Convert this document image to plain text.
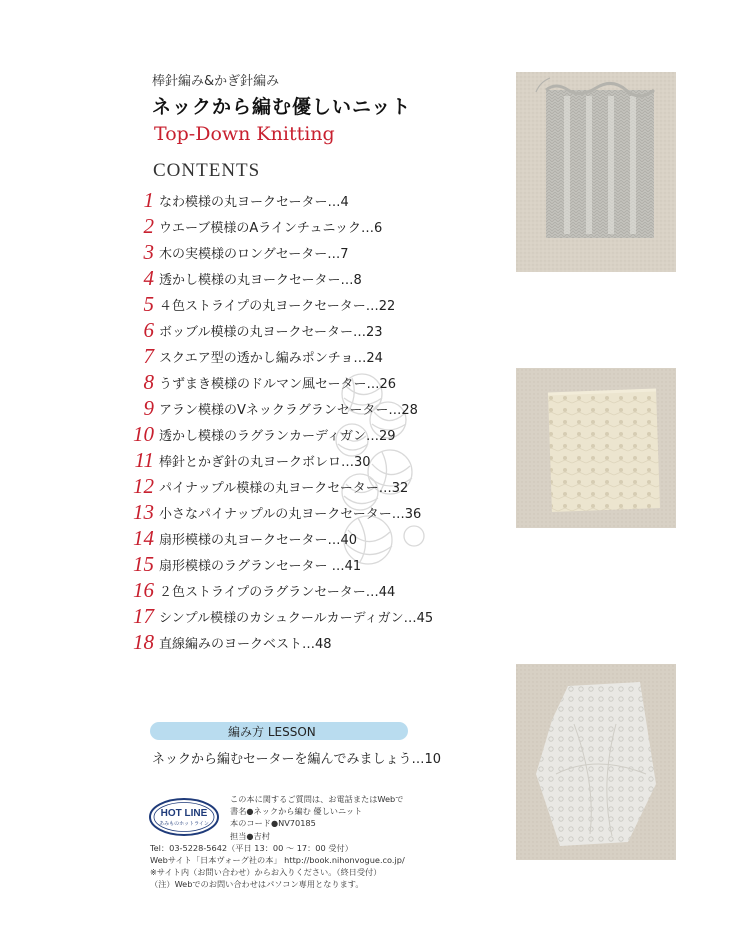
棒針編み&かぎ針編み

ネックから編む優しいニット

Top-Down Knitting

CONTENTS
1 なわ模様の丸ヨークセーター…4
2 ウエーブ模様のAラインチュニック…6
3 木の実模様のロングセーター…7
4 透かし模様の丸ヨークセーター…8
5 ４色ストライプの丸ヨークセーター…22
6 ボッブル模様の丸ヨークセーター…23
7 スクエア型の透かし編みポンチョ…24
8 うずまき模様のドルマン風セーター…26
9 アラン模様のVネックラグランセーター…28
10 透かし模様のラグランカーディガン…29
11 棒針とかぎ針の丸ヨークボレロ…30
12 パイナップル模様の丸ヨークセーター…32
13 小さなパイナップルの丸ヨークセーター…36
14 扇形模様の丸ヨークセーター…40
15 扇形模様のラグランセーター …41
16 ２色ストライプのラグランセーター…44
17 シンプル模様のカシュクールカーディガン…45
18 直線編みのヨークベスト…48
編み方 LESSON
ネックから編むセーターを編んでみましょう…10
HOT LINE
あみものホットライン

この本に関するご質問は、お電話またはWebで

書名●ネックから編む 優しいニット

本のコード●NV70185

担当●吉村

Tel：03-5228-5642（平日 13：00 〜 17：00 受付）

Webサイト「日本ヴォーグ社の本」 http://book.nihonvogue.co.jp/

※サイト内（お問い合わせ）からお入りください。（終日受付）

（注）Webでのお問い合わせはパソコン専用となります。
